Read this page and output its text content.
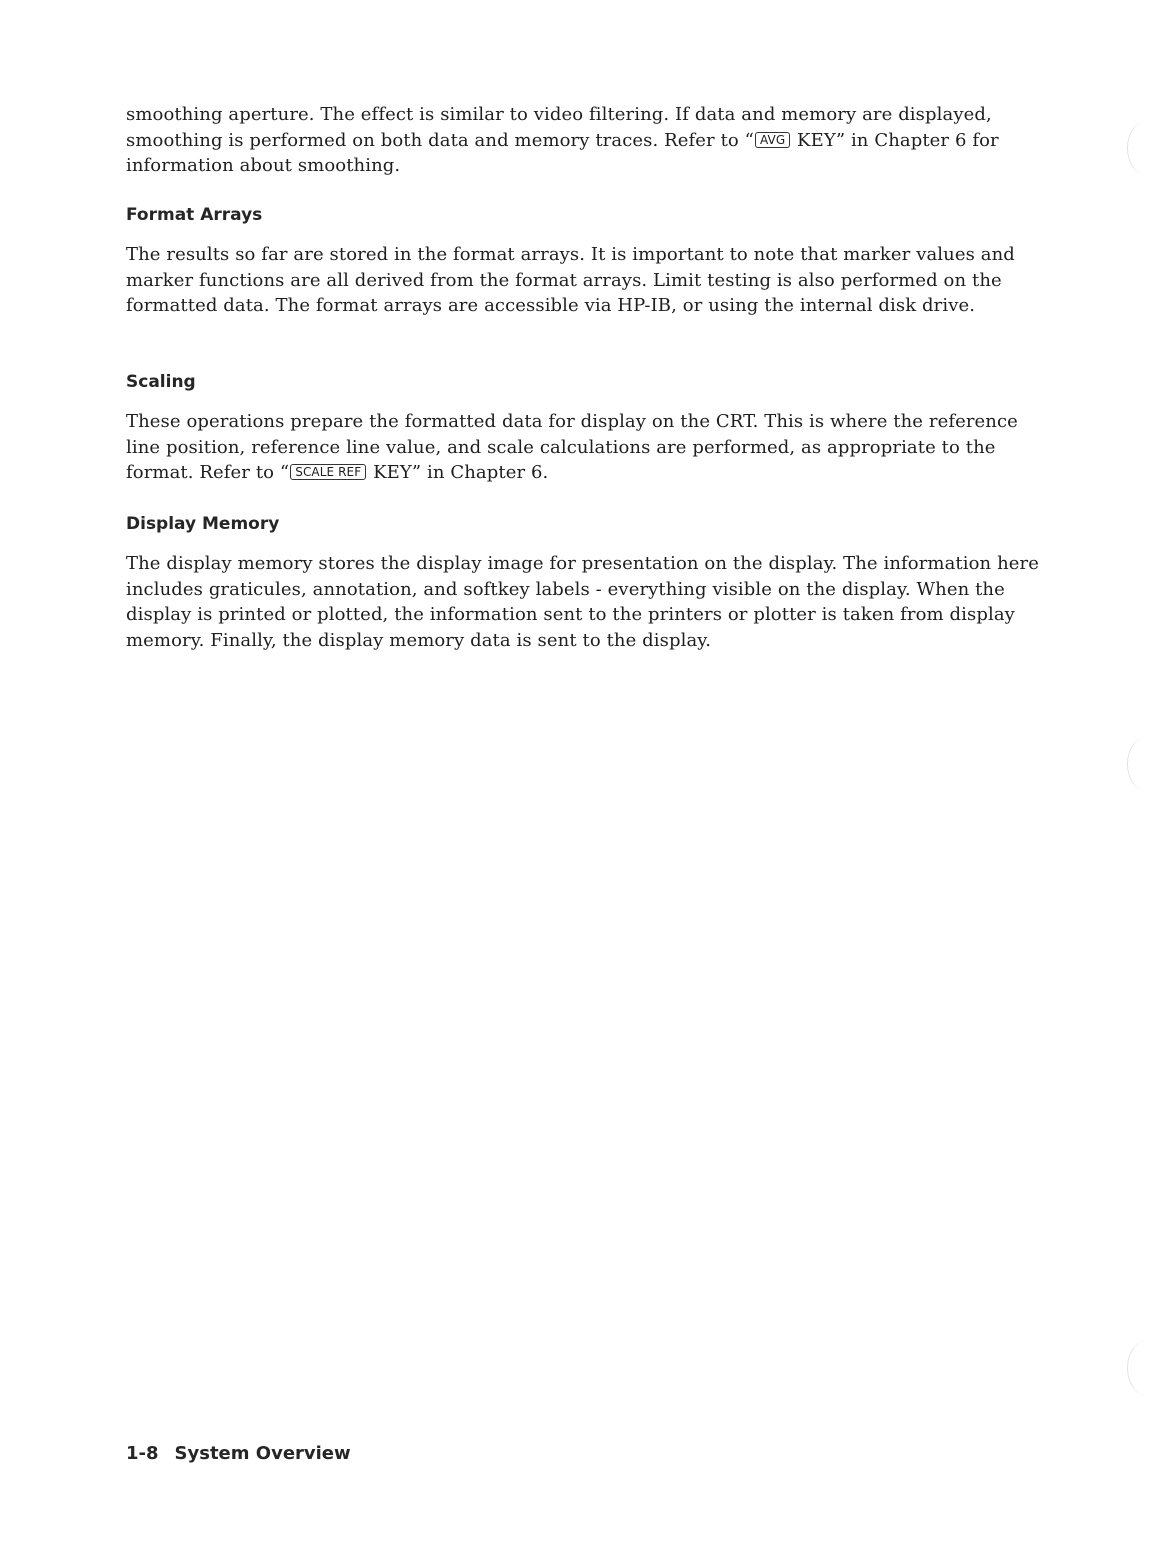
smoothing aperture. The effect is similar to video filtering. If data and memory are displayed, smoothing is performed on both data and memory traces. Refer to “ AVG KEY” in Chapter 6 for information about smoothing.

Format Arrays

The results so far are stored in the format arrays. It is important to note that marker values and marker functions are all derived from the format arrays. Limit testing is also performed on the formatted data. The format arrays are accessible via HP-IB, or using the internal disk drive.

Scaling

These operations prepare the formatted data for display on the CRT. This is where the reference line position, reference line value, and scale calculations are performed, as appropriate to the format. Refer to “ SCALE REF KEY” in Chapter 6.

Display Memory

The display memory stores the display image for presentation on the display. The information here includes graticules, annotation, and softkey labels - everything visible on the display. When the display is printed or plotted, the information sent to the printers or plotter is taken from display memory. Finally, the display memory data is sent to the display.

1-8 System Overview
